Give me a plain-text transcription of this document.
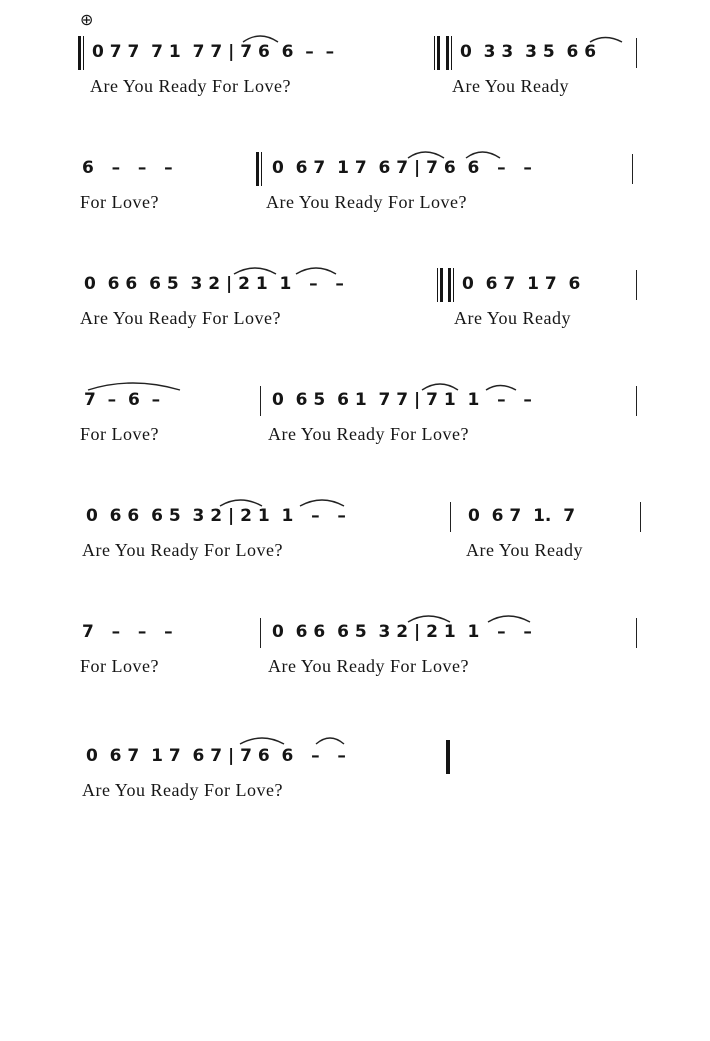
⊕
0 7 7  7 1  7 7 | 7 6  6  –  –	0  3 3  3 5  6 6
Are You Ready For Love?	Are You Ready
6   –   –   –	0  6 7  1 7  6 7 | 7 6  6   –   –
For Love?	Are You Ready For Love?
0  6 6  6 5  3 2 | 2 1  1   –   –	0  6 7  1 7  6
Are You Ready For Love?	Are You Ready
7  –  6  –	0  6 5  6 1  7 7 | 7 1  1   –   –
For Love?	Are You Ready For Love?
0  6 6  6 5  3 2 | 2 1  1   –   –	0  6 7  1.  7
Are You Ready For Love?	Are You Ready
7   –   –   –	0  6 6  6 5  3 2 | 2 1  1   –   –
For Love?	Are You Ready For Love?
0  6 7  1 7  6 7 | 7 6  6   –   –
Are You Ready For Love?
